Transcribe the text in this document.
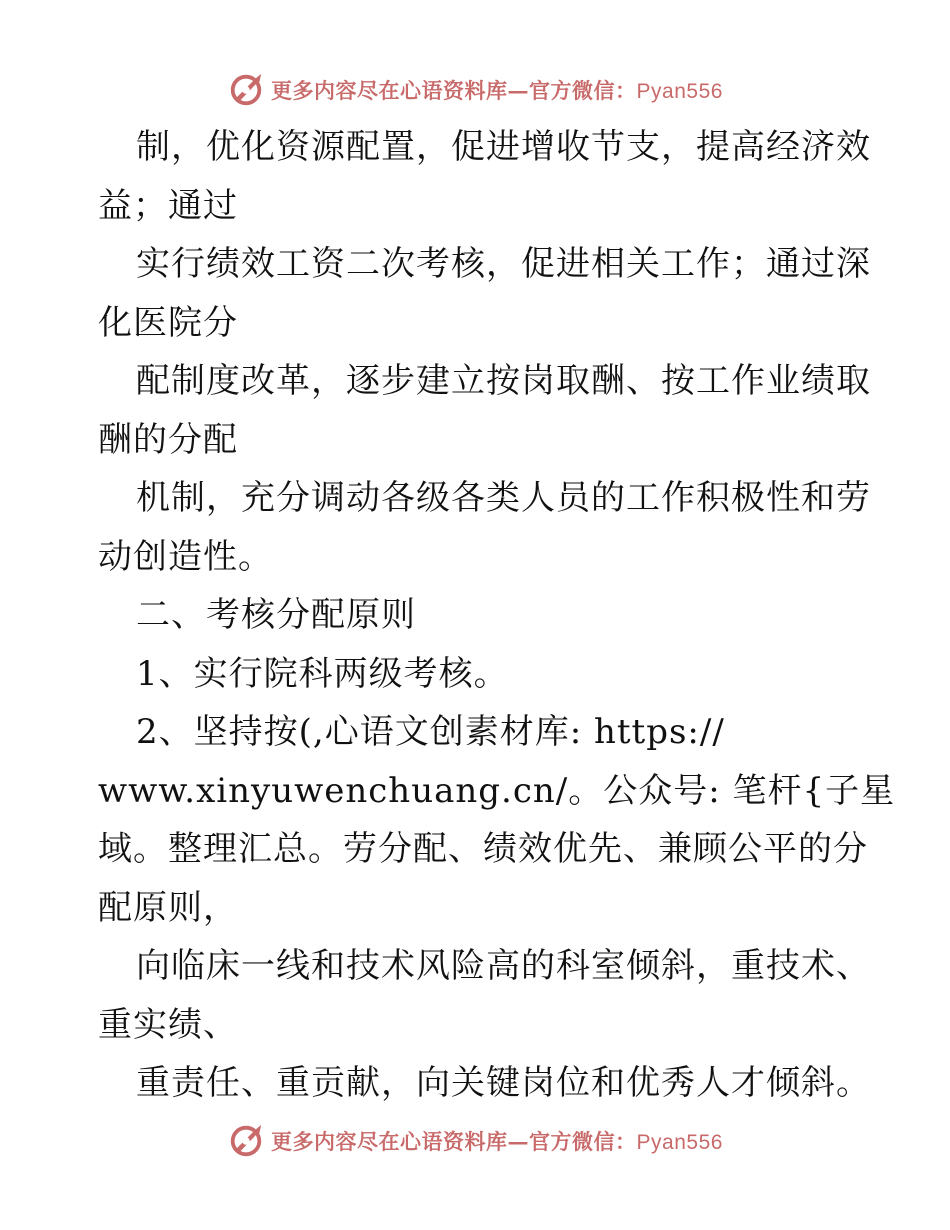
更多内容尽在心语资料库—官方微信：Pyan556
制，优化资源配置，促进增收节支，提高经济效
益；通过
实行绩效工资二次考核，促进相关工作；通过深
化医院分
配制度改革，逐步建立按岗取酬、按工作业绩取
酬的分配
机制，充分调动各级各类人员的工作积极性和劳
动创造性。
二、考核分配原则
1、实行院科两级考核。
2、坚持按(,心语文创素材库: https://
www.xinyuwenchuang.cn/。公众号: 笔杆{子星
域。整理汇总。劳分配、绩效优先、兼顾公平的分
配原则，
向临床一线和技术风险高的科室倾斜，重技术、
重实绩、
重责任、重贡献，向关键岗位和优秀人才倾斜。
更多内容尽在心语资料库—官方微信：Pyan556
